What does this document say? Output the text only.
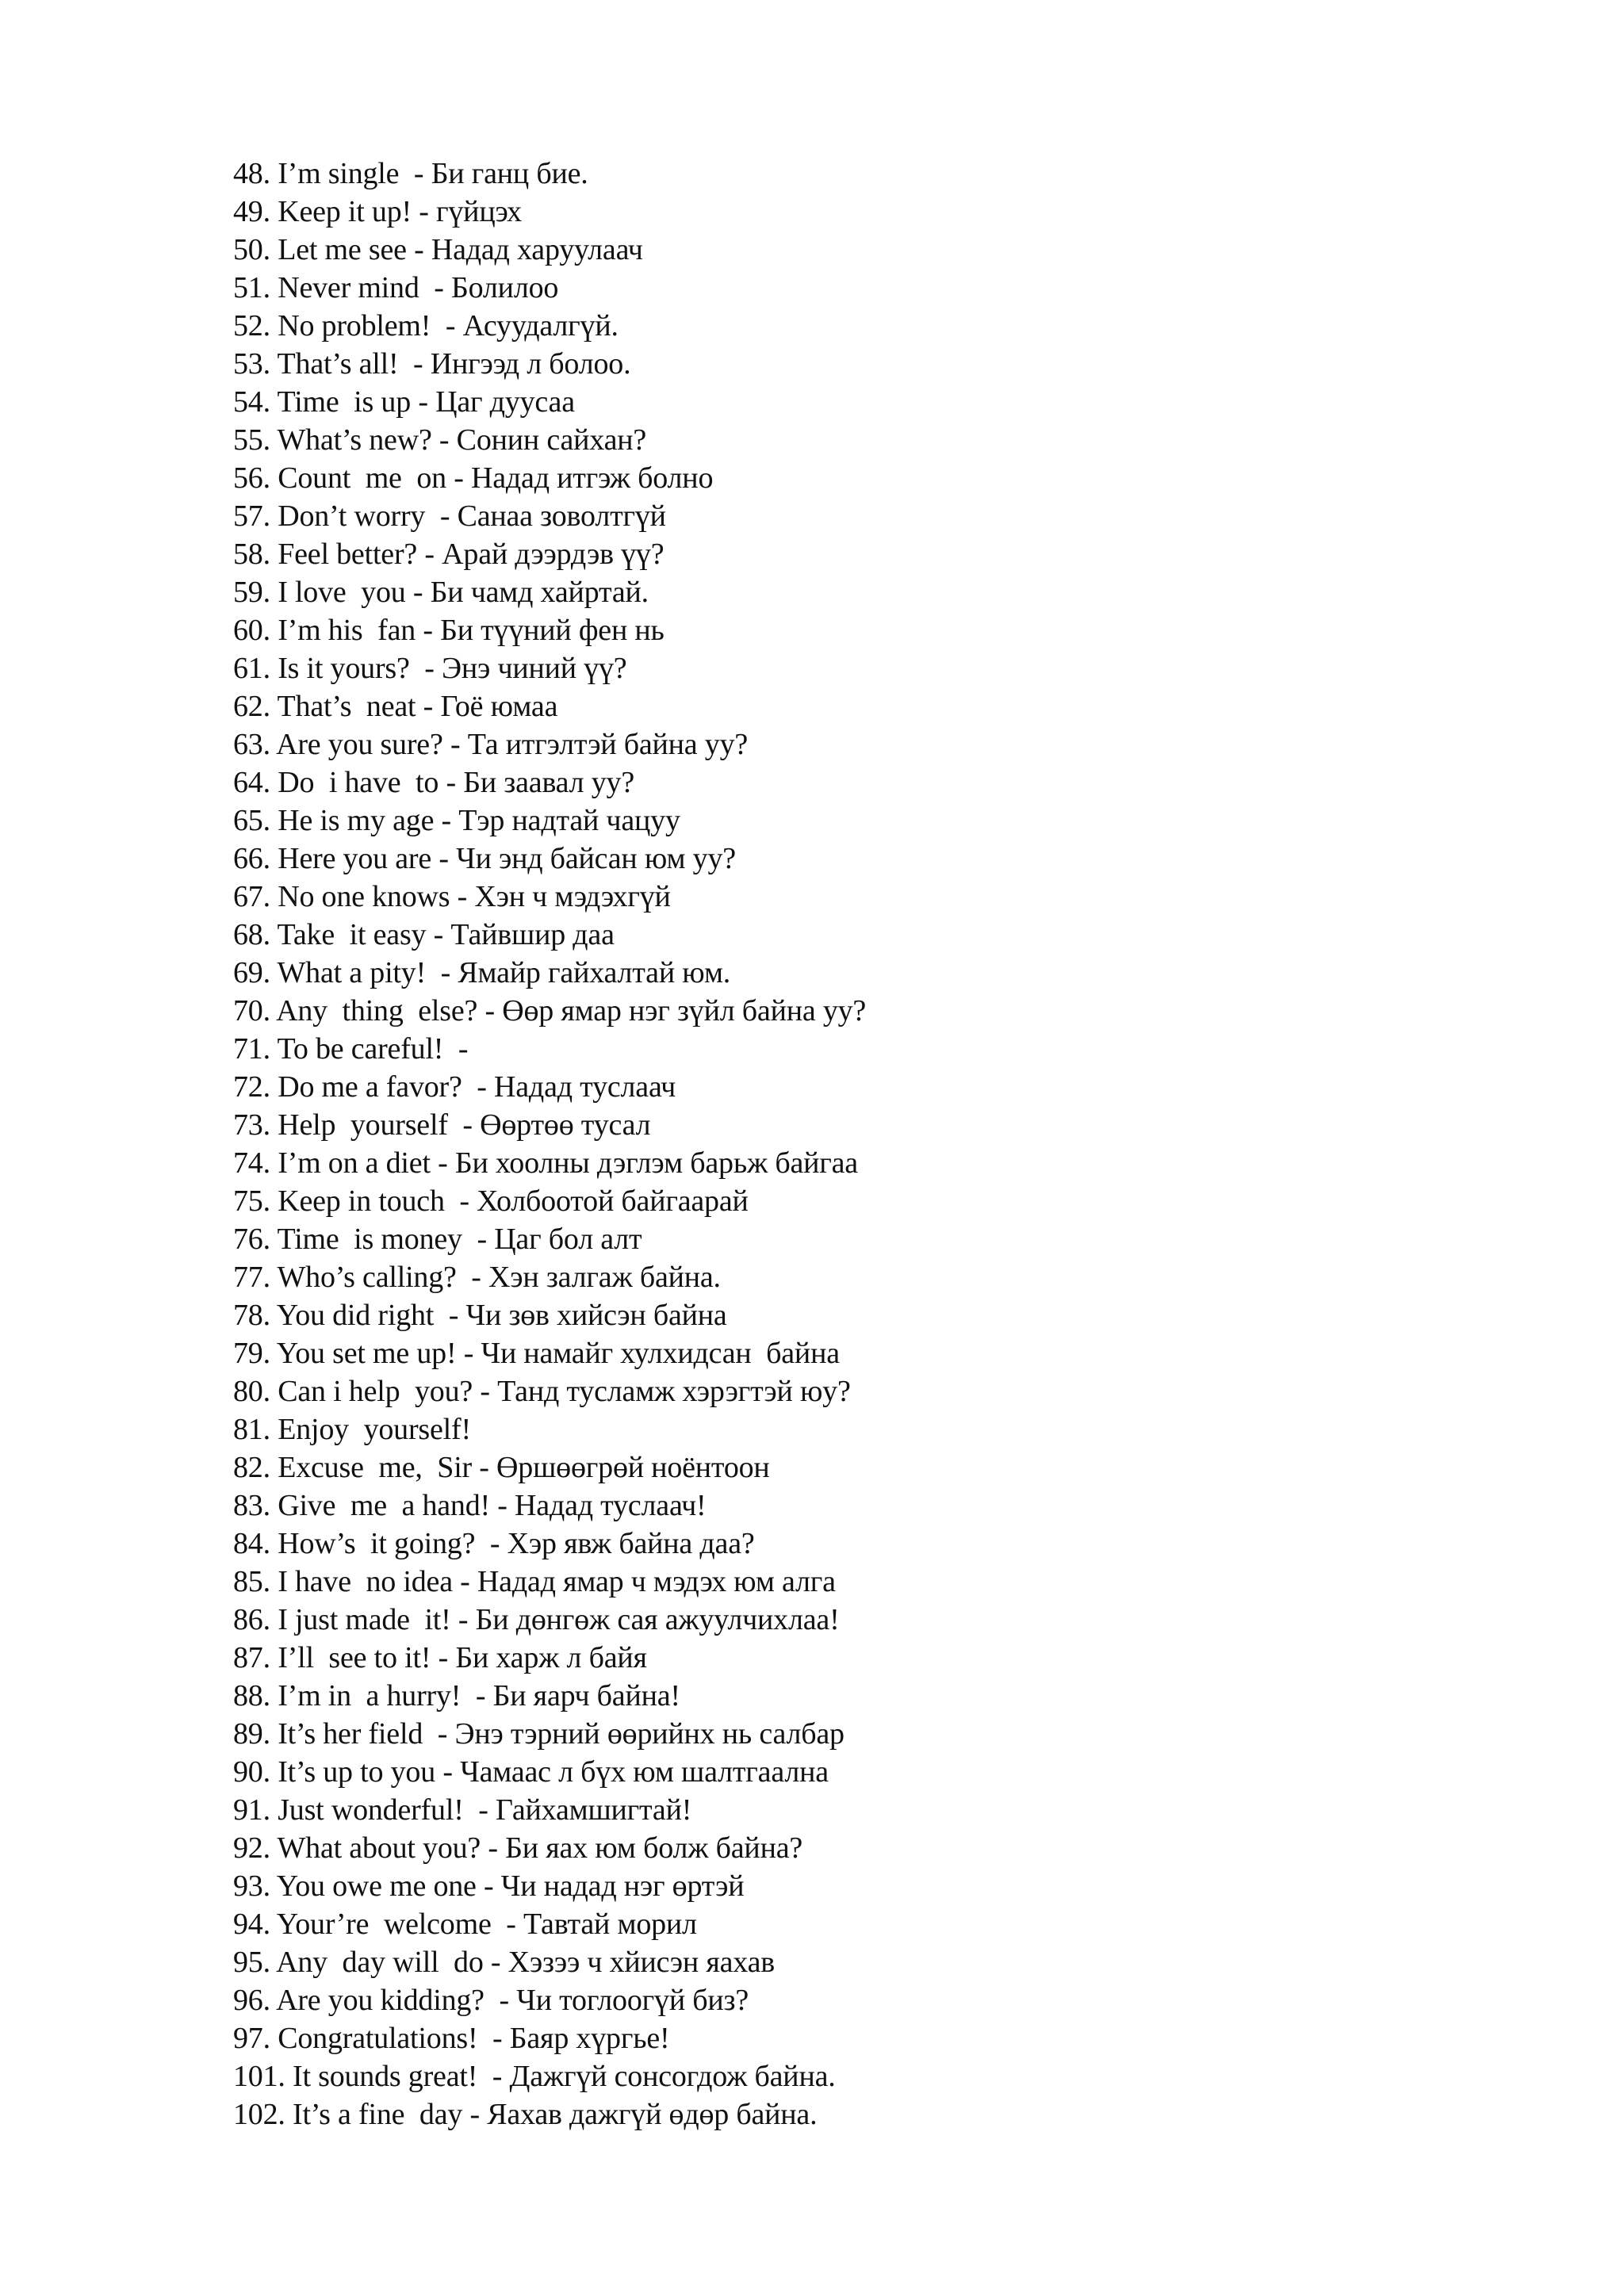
48. I’m single  - Би ганц бие.
49. Keep it up! - гүйцэх
50. Let me see - Надад харуулаач
51. Never mind  - Болилоо
52. No problem!  - Асуудалгүй.
53. That’s all!  - Ингээд л болоо.
54. Time  is up - Цаг дуусаа
55. What’s new? - Сонин сайхан?
56. Count  me  on - Надад итгэж болно
57. Don’t worry  - Санаа зоволтгүй
58. Feel better? - Арай дээрдэв үү?
59. I love  you - Би чамд хайртай.
60. I’m his  fan - Би түүний фен нь
61. Is it yours?  - Энэ чиний үү?
62. That’s  neat - Гоё юмаа
63. Are you sure? - Та итгэлтэй байна уу?
64. Do  i have  to - Би заавал уу?
65. He is my age - Тэр надтай чацуу
66. Here you are - Чи энд байсан юм уу?
67. No one knows - Хэн ч мэдэхгүй
68. Take  it easy - Тайвшир даа
69. What a pity!  - Ямайр гайхалтай юм.
70. Any  thing  else? - Өөр ямар нэг зүйл байна уу?
71. To be careful!  -
72. Do me a favor?  - Надад туслаач
73. Help  yourself  - Өөртөө тусал
74. I’m on a diet - Би хоолны дэглэм барьж байгаа
75. Keep in touch  - Холбоотой байгаарай
76. Time  is money  - Цаг бол алт
77. Who’s calling?  - Хэн залгаж байна.
78. You did right  - Чи зөв хийсэн байна
79. You set me up! - Чи намайг хулхидсан  байна
80. Can i help  you? - Танд тусламж хэрэгтэй юу?
81. Enjoy  yourself!
82. Excuse  me,  Sir - Өршөөгрөй ноёнтоон
83. Give  me  a hand! - Надад туслаач!
84. How’s  it going?  - Хэр явж байна даа?
85. I have  no idea - Надад ямар ч мэдэх юм алга
86. I just made  it! - Би дөнгөж сая ажуулчихлаа!
87. I’ll  see to it! - Би харж л байя
88. I’m in  a hurry!  - Би яарч байна!
89. It’s her field  - Энэ тэрний өөрийнх нь салбар
90. It’s up to you - Чамаас л бүх юм шалтгаална
91. Just wonderful!  - Гайхамшигтай!
92. What about you? - Би яах юм болж байна?
93. You owe me one - Чи надад нэг өртэй
94. Your’re  welcome  - Тавтай морил
95. Any  day will  do - Хэзээ ч хйисэн яахав
96. Are you kidding?  - Чи тоглоогүй биз?
97. Congratulations!  - Баяр хүргье!
101. It sounds great!  - Дажгүй сонсогдож байна.
102. It’s a fine  day - Яахав дажгүй өдөр байна.
